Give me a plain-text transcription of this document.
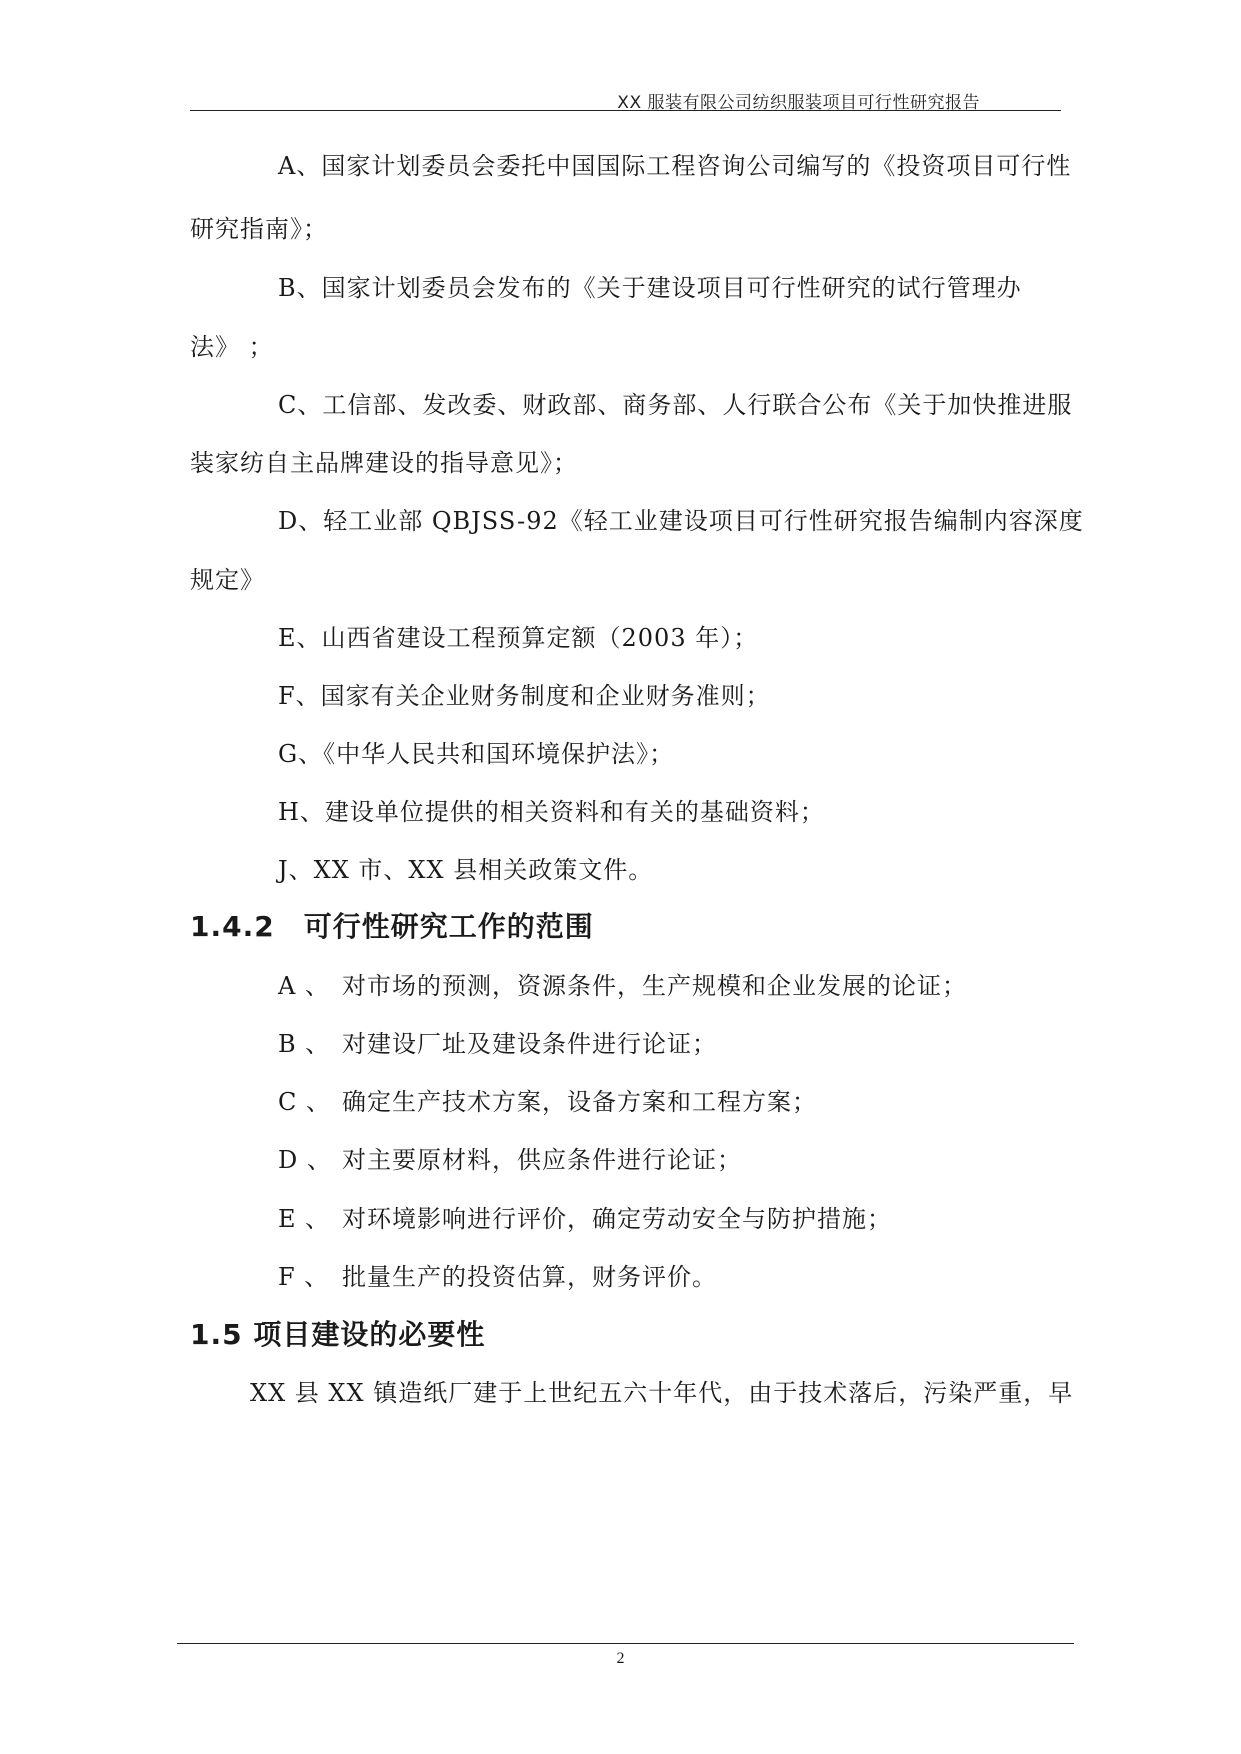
XX 服装有限公司纺织服装项目可行性研究报告
A、国家计划委员会委托中国国际工程咨询公司编写的《投资项目可行性
研究指南》；
B、国家计划委员会发布的《关于建设项目可行性研究的试行管理办
法》 ；
C、工信部、发改委、财政部、商务部、人行联合公布《关于加快推进服
装家纺自主品牌建设的指导意见》；
D、轻工业部 QBJSS-92《轻工业建设项目可行性研究报告编制内容深度
规定》
E、山西省建设工程预算定额（2003 年）；
F、国家有关企业财务制度和企业财务准则；
G、《中华人民共和国环境保护法》；
H、建设单位提供的相关资料和有关的基础资料；
J、XX 市、XX 县相关政策文件。
1.4.2　可行性研究工作的范围
A 、 对市场的预测，资源条件，生产规模和企业发展的论证；
B 、 对建设厂址及建设条件进行论证；
C 、 确定生产技术方案，设备方案和工程方案；
D 、 对主要原材料，供应条件进行论证；
E 、 对环境影响进行评价，确定劳动安全与防护措施；
F 、 批量生产的投资估算，财务评价。
1.5 项目建设的必要性
XX 县 XX 镇造纸厂建于上世纪五六十年代，由于技术落后，污染严重，早
2
